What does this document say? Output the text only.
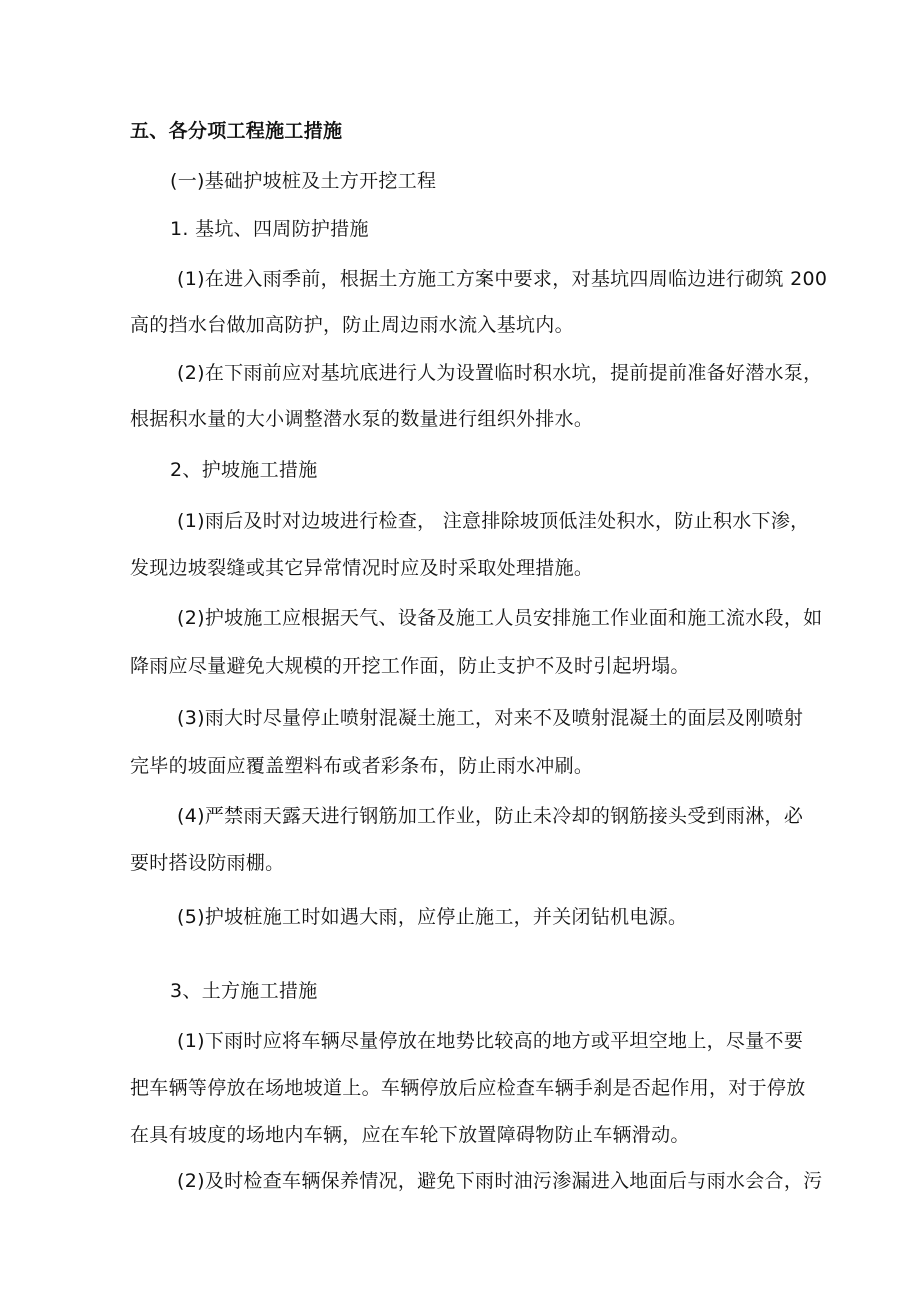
五、各分项工程施工措施
(一)基础护坡桩及土方开挖工程
1. 基坑、四周防护措施
(1)在进入雨季前，根据土方施工方案中要求，对基坑四周临边进行砌筑 200
高的挡水台做加高防护，防止周边雨水流入基坑内。
(2)在下雨前应对基坑底进行人为设置临时积水坑，提前提前准备好潜水泵，
根据积水量的大小调整潜水泵的数量进行组织外排水。
2、护坡施工措施
(1)雨后及时对边坡进行检查， 注意排除坡顶低洼处积水，防止积水下渗，
发现边坡裂缝或其它异常情况时应及时采取处理措施。
(2)护坡施工应根据天气、设备及施工人员安排施工作业面和施工流水段，如
降雨应尽量避免大规模的开挖工作面，防止支护不及时引起坍塌。
(3)雨大时尽量停止喷射混凝土施工，对来不及喷射混凝土的面层及刚喷射
完毕的坡面应覆盖塑料布或者彩条布，防止雨水冲刷。
(4)严禁雨天露天进行钢筋加工作业，防止未冷却的钢筋接头受到雨淋，必
要时搭设防雨棚。
(5)护坡桩施工时如遇大雨，应停止施工，并关闭钻机电源。
3、土方施工措施
(1)下雨时应将车辆尽量停放在地势比较高的地方或平坦空地上，尽量不要
把车辆等停放在场地坡道上。车辆停放后应检查车辆手刹是否起作用，对于停放
在具有坡度的场地内车辆，应在车轮下放置障碍物防止车辆滑动。
(2)及时检查车辆保养情况，避免下雨时油污渗漏进入地面后与雨水会合，污
